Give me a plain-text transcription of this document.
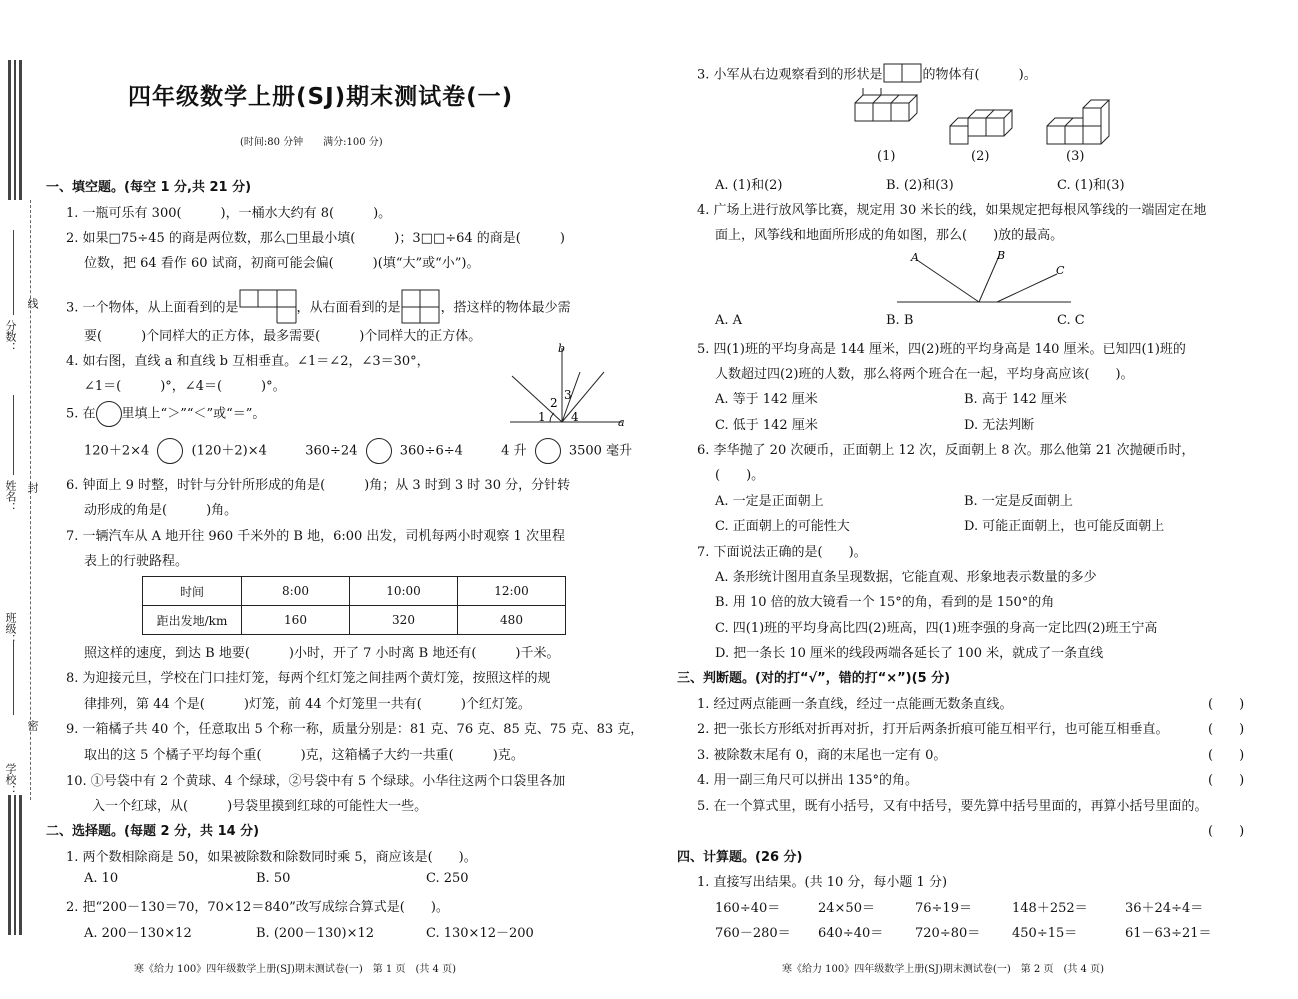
分数：
线
姓名： 封
班级：
密
学校：
四年级数学上册(SJ)期末测试卷(一)
(时间:80 分钟　　满分:100 分)
一、填空题。(每空 1 分,共 21 分)
1. 一瓶可乐有 300(　　　)，一桶水大约有 8(　　　)。
2. 如果□75÷45 的商是两位数，那么□里最小填(　　　)；3□□÷64 的商是(　　　)
位数，把 64 看作 60 试商，初商可能会偏(　　　)(填“大”或“小”)。
3. 一个物体，从上面看到的是	，从右面看到的是	，搭这样的物体最少需
要(　　　)个同样大的正方体，最多需要(　　　)个同样大的正方体。
4. 如右图，直线 a 和直线 b 互相垂直。∠1＝∠2，∠3＝30°，
∠1＝(　　　)°，∠4＝(　　　)°。
b
a
1
2
3
4
5. 在 里填上“＞”“＜”或“＝”。
120＋2×4	(120＋2)×4	360÷24	360÷6÷4	4 升	3500 毫升
6. 钟面上 9 时整，时针与分针所形成的角是(　　　)角；从 3 时到 3 时 30 分，分针转
动形成的角是(　　　)角。
7. 一辆汽车从 A 地开往 960 千米外的 B 地，6:00 出发，司机每两小时观察 1 次里程
表上的行驶路程。
时间	8:00	10:00	12:00
距出发地/km	160	320	480
照这样的速度，到达 B 地要(　　　)小时，开了 7 小时离 B 地还有(　　　)千米。
8. 为迎接元旦，学校在门口挂灯笼，每两个红灯笼之间挂两个黄灯笼，按照这样的规
律排列，第 44 个是(　　　)灯笼，前 44 个灯笼里一共有(　　　)个红灯笼。
9. 一箱橘子共 40 个，任意取出 5 个称一称，质量分别是：81 克、76 克、85 克、75 克、83 克，
取出的这 5 个橘子平均每个重(　　　)克，这箱橘子大约一共重(　　　)克。
10. ①号袋中有 2 个黄球、4 个绿球，②号袋中有 5 个绿球。小华往这两个口袋里各加
入一个红球，从(　　　)号袋里摸到红球的可能性大一些。
二、选择题。(每题 2 分，共 14 分)
1. 两个数相除商是 50，如果被除数和除数同时乘 5，商应该是(　　)。
A. 10	B. 50	C. 250
2. 把“200－130＝70，70×12＝840”改写成综合算式是(　　)。
A. 200－130×12	B. (200－130)×12	C. 130×12－200
寒《给力 100》四年级数学上册(SJ)期末测试卷(一)　第 1 页　(共 4 页)
3. 小军从右边观察看到的形状是	的物体有(　　　)。
(1)	(2)	(3)
A. (1)和(2)	B. (2)和(3)	C. (1)和(3)
4. 广场上进行放风筝比赛，规定用 30 米长的线，如果规定把每根风筝线的一端固定在地
面上，风筝线和地面所形成的角如图，那么(　　)放的最高。
A	B
C
A. A	B. B	C. C
5. 四(1)班的平均身高是 144 厘米，四(2)班的平均身高是 140 厘米。已知四(1)班的
人数超过四(2)班的人数，那么将两个班合在一起，平均身高应该(　　)。
A. 等于 142 厘米	B. 高于 142 厘米
C. 低于 142 厘米	D. 无法判断
6. 李华抛了 20 次硬币，正面朝上 12 次，反面朝上 8 次。那么他第 21 次抛硬币时，
(　　)。
A. 一定是正面朝上	B. 一定是反面朝上
C. 正面朝上的可能性大	D. 可能正面朝上，也可能反面朝上
7. 下面说法正确的是(　　)。
A. 条形统计图用直条呈现数据，它能直观、形象地表示数量的多少
B. 用 10 倍的放大镜看一个 15°的角，看到的是 150°的角
C. 四(1)班的平均身高比四(2)班高，四(1)班李强的身高一定比四(2)班王宁高
D. 把一条长 10 厘米的线段两端各延长了 100 米，就成了一条直线
三、判断题。(对的打“√”，错的打“×”)(5 分)
1. 经过两点能画一条直线，经过一点能画无数条直线。	(　　)
2. 把一张长方形纸对折再对折，打开后两条折痕可能互相平行，也可能互相垂直。	(　　)
3. 被除数末尾有 0，商的末尾也一定有 0。	(　　)
4. 用一副三角尺可以拼出 135°的角。	(　　)
5. 在一个算式里，既有小括号，又有中括号，要先算中括号里面的，再算小括号里面的。
(　　)
四、计算题。(26 分)
1. 直接写出结果。(共 10 分，每小题 1 分)
160÷40＝	24×50＝	76÷19＝	148＋252＝	36＋24÷4＝
760－280＝ 640÷40＝ 720÷80＝ 450÷15＝	61－63÷21＝
寒《给力 100》四年级数学上册(SJ)期末测试卷(一)　第 2 页　(共 4 页)
